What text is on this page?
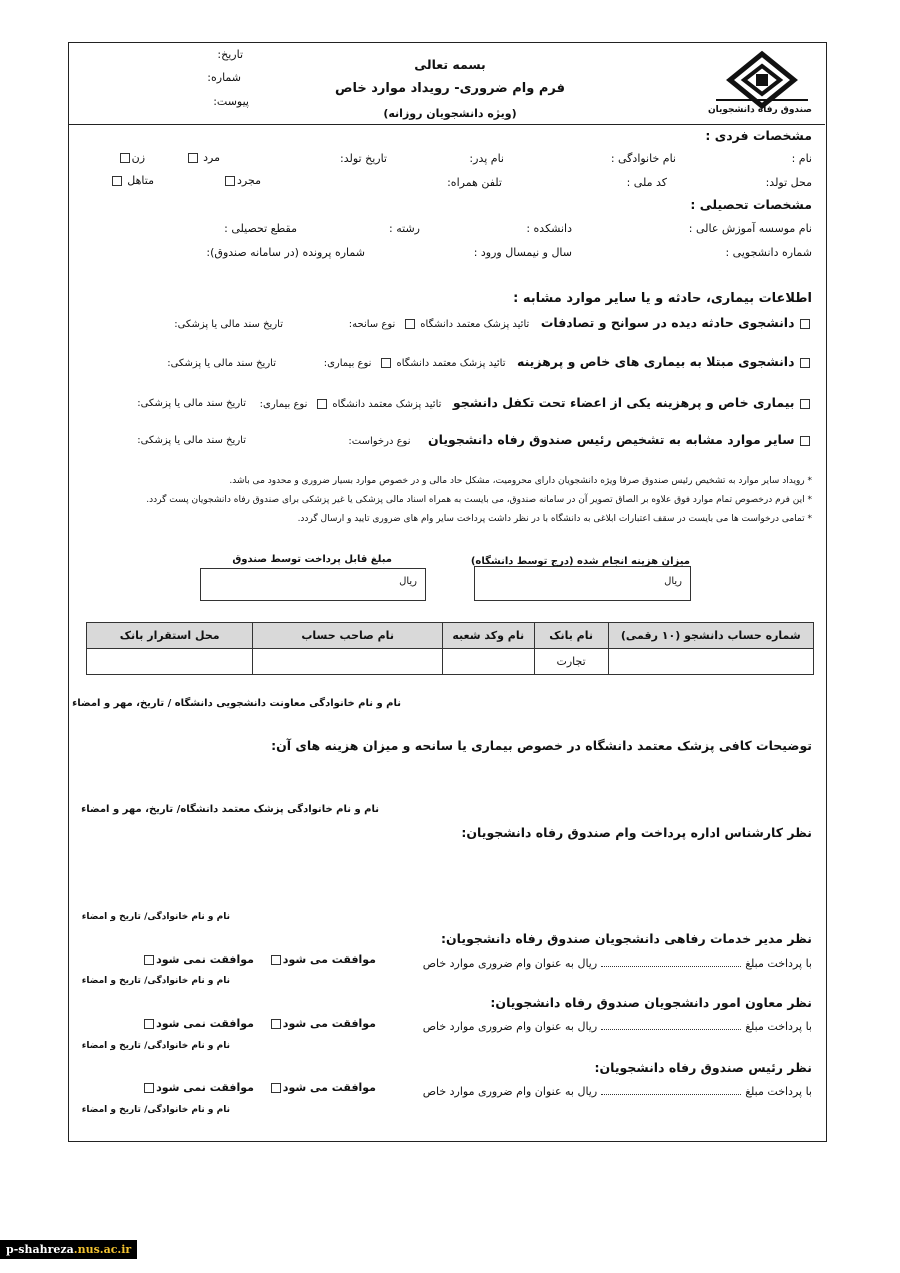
صندوق رفاه دانشجویان
بسمه تعالی
فرم وام ضروری- رویداد موارد خاص
(ویژه دانشجویان روزانه)
تاریخ:
شماره:
پیوست:
مشخصات فردی :
نام :
نام خانوادگی :
نام پدر:
تاریخ تولد:
مرد
زن
محل تولد:
کد ملی :
تلفن همراه:
مجرد
متاهل
مشخصات تحصیلی :
نام موسسه آموزش عالی :
دانشکده :
رشته :
مقطع تحصیلی :
شماره دانشجویی :
سال و نیمسال ورود :
شماره پرونده (در سامانه صندوق):
اطلاعات بیماری، حادثه و یا سایر موارد مشابه :
دانشجوی حادثه دیده در سوانح و تصادفات تائید پزشک معتمد دانشگاه  نوع سانحه:
تاریخ سند مالی یا پزشکی:
دانشجوی مبتلا به بیماری های خاص و پرهزینه تائید پزشک معتمد دانشگاه  نوع بیماری:
تاریخ سند مالی یا پزشکی:
بیماری خاص و پرهزینه یکی از اعضاء تحت تکفل دانشجو تائید پزشک معتمد دانشگاه  نوع بیماری:
تاریخ سند مالی یا پزشکی:
سایر موارد مشابه به تشخیص رئیس صندوق رفاه دانشجویان نوع درخواست:
تاریخ سند مالی یا پزشکی:
* رویداد سایر موارد به تشخیص رئیس صندوق صرفا ویژه دانشجویان دارای محرومیت، مشکل حاد مالی و در خصوص موارد بسیار ضروری و محدود می باشد.
* این فرم درخصوص تمام موارد فوق علاوه بر الصاق تصویر آن در سامانه صندوق، می بایست به همراه اسناد مالی پزشکی یا غیر پزشکی برای صندوق رفاه دانشجویان پست گردد.
* تمامی درخواست ها می بایست در سقف اعتبارات ابلاغی به دانشگاه با در نظر داشت پرداخت سایر وام های ضروری تایید و ارسال گردد.
میزان هزینه انجام شده (درج توسط دانشگاه)
ریال
مبلغ قابل پرداخت توسط صندوق
ریال
شماره حساب دانشجو (۱۰ رقمی)	نام بانک	نام وکد شعبه	نام صاحب حساب	محل استقرار بانک
	تجارت			
نام و نام خانوادگی معاونت دانشجویی دانشگاه / تاریخ، مهر و امضاء
توضیحات کافی پزشک معتمد دانشگاه در خصوص بیماری یا سانحه و میزان هزینه های آن:
نام و نام خانوادگی پزشک معتمد دانشگاه/ تاریخ، مهر و امضاء
نظر کارشناس اداره پرداخت وام صندوق رفاه دانشجویان:
نام و نام خانوادگی/ تاریخ و امضاء
نظر مدیر خدمات رفاهی دانشجویان صندوق رفاه دانشجویان:
با پرداخت مبلغریال به عنوان وام ضروری موارد خاص
موافقت می شود
موافقت نمی شود
نام و نام خانوادگی/ تاریخ و امضاء
نظر معاون امور دانشجویان صندوق رفاه دانشجویان:
با پرداخت مبلغریال به عنوان وام ضروری موارد خاص
موافقت می شود
موافقت نمی شود
نام و نام خانوادگی/ تاریخ و امضاء
نظر رئیس صندوق رفاه دانشجویان:
با پرداخت مبلغریال به عنوان وام ضروری موارد خاص
موافقت می شود
موافقت نمی شود
نام و نام خانوادگی/ تاریخ و امضاء
p-shahreza.nus.ac.ir
